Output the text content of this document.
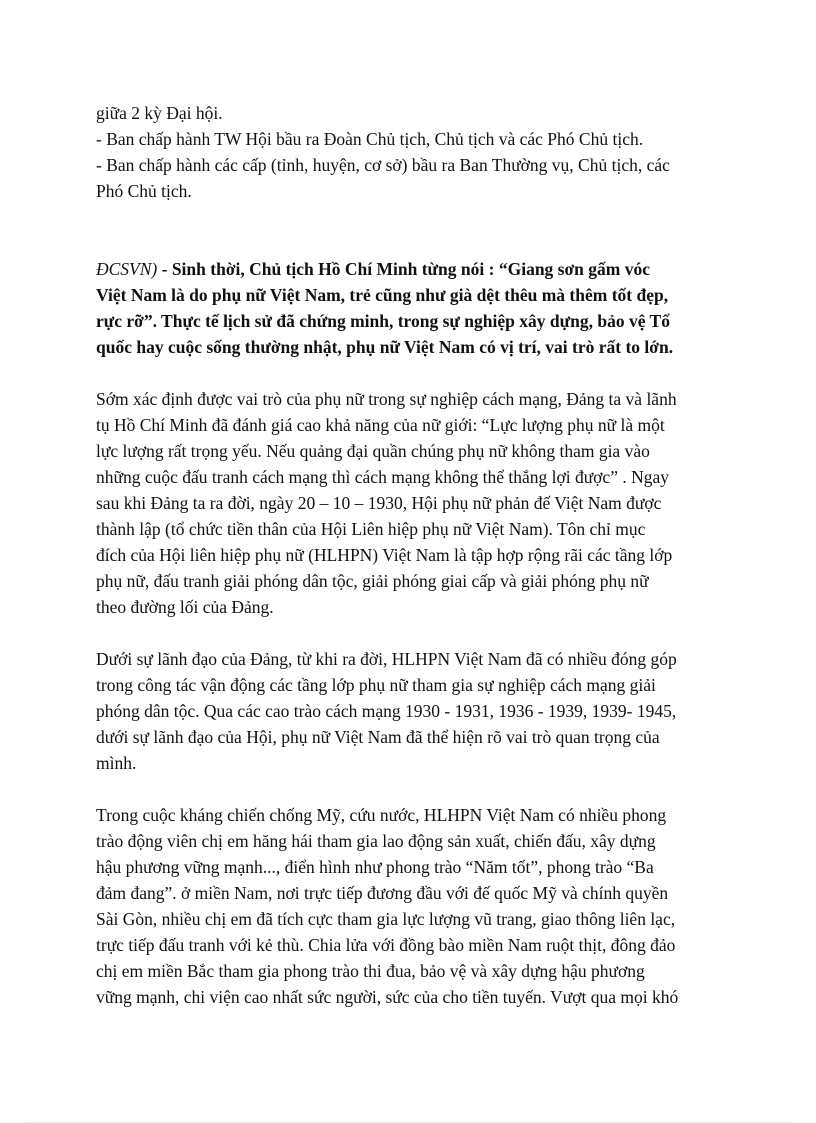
giữa 2 kỳ Đại hội.
- Ban chấp hành TW Hội bầu ra Đoàn Chủ tịch, Chủ tịch và các Phó Chủ tịch.
- Ban chấp hành các cấp (tỉnh, huyện, cơ sở) bầu ra Ban Thường vụ, Chủ tịch, các
Phó Chủ tịch.
ĐCSVN) - Sinh thời, Chủ tịch Hồ Chí Minh từng nói : “Giang sơn gấm vóc
Việt Nam là do phụ nữ Việt Nam, trẻ cũng như già dệt thêu mà thêm tốt đẹp,
rực rỡ”. Thực tế lịch sử đã chứng minh, trong sự nghiệp xây dựng, bảo vệ Tổ
quốc hay cuộc sống thường nhật, phụ nữ Việt Nam có vị trí, vai trò rất to lớn.
Sớm xác định được vai trò của phụ nữ trong sự nghiệp cách mạng, Đảng ta và lãnh
tụ Hồ Chí Minh đã đánh giá cao khả năng của nữ giới: “Lực lượng phụ nữ là một
lực lượng rất trọng yếu. Nếu quảng đại quần chúng phụ nữ không tham gia vào
những cuộc đấu tranh cách mạng thì cách mạng không thể thắng lợi được” . Ngay
sau khi Đảng ta ra đời, ngày 20 – 10 – 1930, Hội phụ nữ phản đế Việt Nam được
thành lập (tổ chức tiền thân của Hội Liên hiệp phụ nữ Việt Nam). Tôn chỉ mục
đích của Hội liên hiệp phụ nữ (HLHPN) Việt Nam là tập hợp rộng rãi các tầng lớp
phụ nữ, đấu tranh giải phóng dân tộc, giải phóng giai cấp và giải phóng phụ nữ
theo đường lối của Đảng.
Dưới sự lãnh đạo của Đảng, từ khi ra đời, HLHPN Việt Nam đã có nhiều đóng góp
trong công tác vận động các tầng lớp phụ nữ tham gia sự nghiệp cách mạng giải
phóng dân tộc. Qua các cao trào cách mạng 1930 - 1931, 1936 - 1939, 1939- 1945,
dưới sự lãnh đạo của Hội, phụ nữ Việt Nam đã thể hiện rõ vai trò quan trọng của
mình.
Trong cuộc kháng chiến chống Mỹ, cứu nước, HLHPN Việt Nam có nhiều phong
trào động viên chị em hăng hái tham gia lao động sản xuất, chiến đấu, xây dựng
hậu phương vững mạnh..., điển hình như phong trào “Năm tốt”, phong trào “Ba
đảm đang”. ở miền Nam, nơi trực tiếp đương đầu với đế quốc Mỹ và chính quyền
Sài Gòn, nhiều chị em đã tích cực tham gia lực lượng vũ trang, giao thông liên lạc,
trực tiếp đấu tranh với kẻ thù. Chia lửa với đồng bào miền Nam ruột thịt, đông đảo
chị em miền Bắc tham gia phong trào thi đua, bảo vệ và xây dựng hậu phương
vững mạnh, chi viện cao nhất sức người, sức của cho tiền tuyến. Vượt qua mọi khó
